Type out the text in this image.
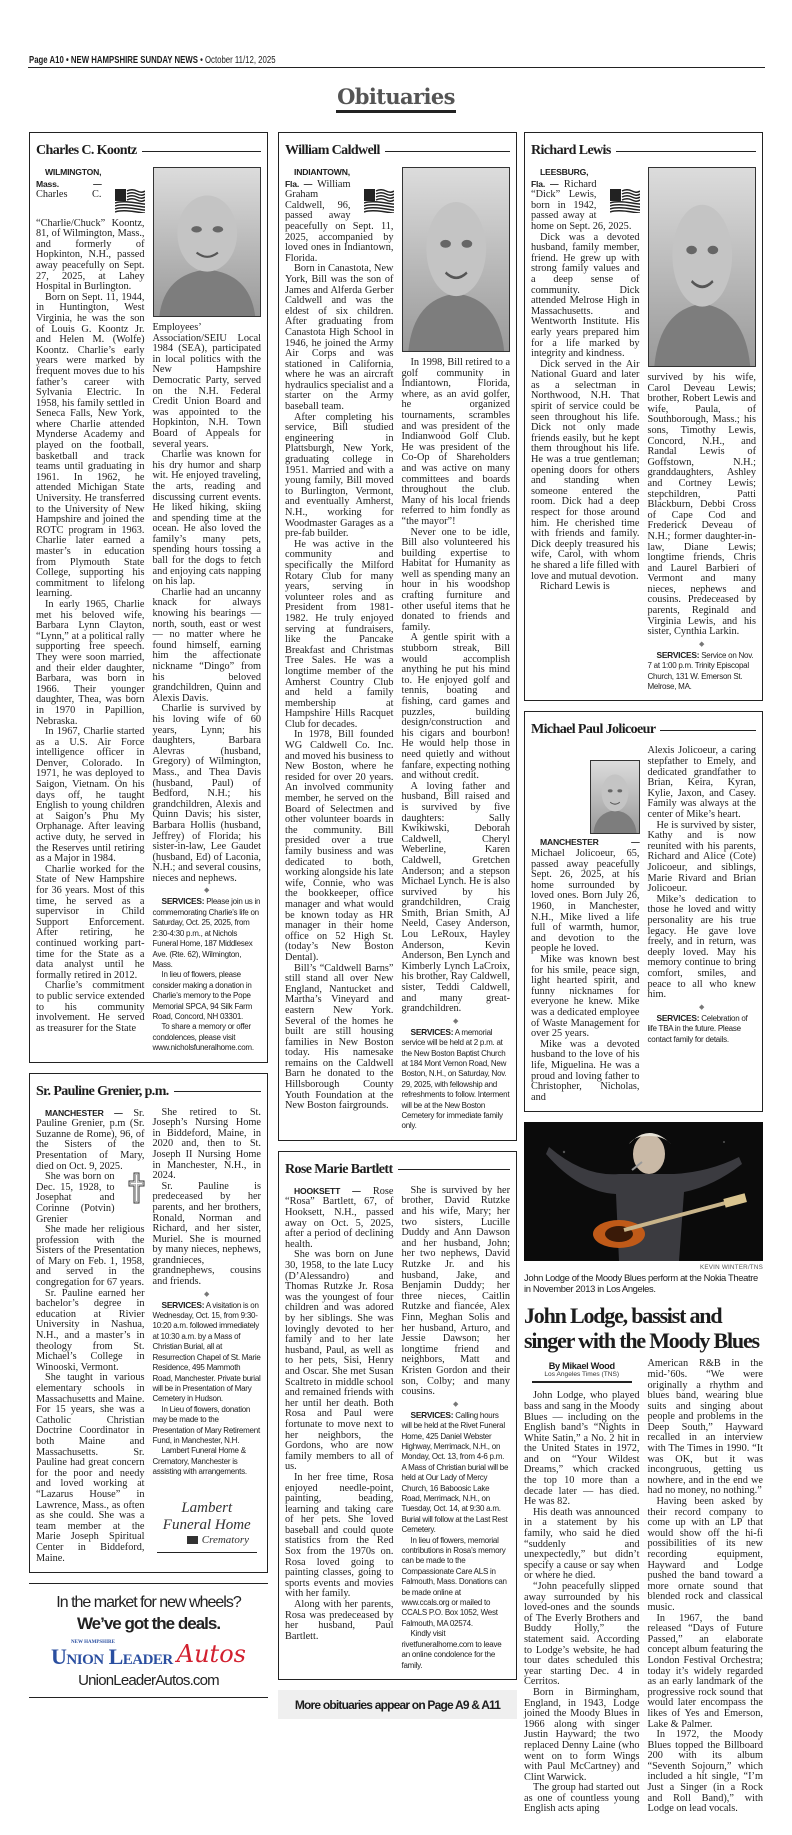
Page A10 • NEW HAMPSHIRE SUNDAY NEWS • October 11/12, 2025
Obituaries
Charles C. Koontz

WILMINGTON, Mass. — Charles C. “Charlie/Chuck” Koontz, 81, of Wilmington, Mass., and formerly of Hopkinton, N.H., passed away peacefully on Sept. 27, 2025, at Lahey Hospital in Burlington.

Born on Sept. 11, 1944, in Huntington, West Virginia, he was the son of Louis G. Koontz Jr. and Helen M. (Wolfe) Koontz. Charlie’s early years were marked by frequent moves due to his father’s career with Sylvania Electric. In 1958, his family settled in Seneca Falls, New York, where Charlie attended Mynderse Academy and played on the football, basketball and track teams until graduating in 1961. In 1962, he attended Michigan State University. He transferred to the University of New Hampshire and joined the ROTC program in 1963. Charlie later earned a master’s in education from Plymouth State College, supporting his commitment to lifelong learning.

In early 1965, Charlie met his beloved wife, Barbara Lynn Clayton, “Lynn,” at a political rally supporting free speech. They were soon married, and their elder daughter, Barbara, was born in 1966. Their younger daughter, Thea, was born in 1970 in Papillion, Nebraska.

In 1967, Charlie started as a U.S. Air Force intelligence officer in Denver, Colorado. In 1971, he was deployed to Saigon, Vietnam. On his days off, he taught English to young children at Saigon’s Phu My Orphanage. After leaving active duty, he served in the Reserves until retiring as a Major in 1984.

Charlie worked for the State of New Hampshire for 36 years. Most of this time, he served as a supervisor in Child Support Enforcement. After retiring, he continued working part-time for the State as a data analyst until he formally retired in 2012.

Charlie’s commitment to public service extended to his community involvement. He served as treasurer for the State

Employees’ Association/SEIU Local 1984 (SEA), participated in local politics with the New Hampshire Democratic Party, served on the N.H. Federal Credit Union Board and was appointed to the Hopkinton, N.H. Town Board of Appeals for several years.

Charlie was known for his dry humor and sharp wit. He enjoyed traveling, the arts, reading and discussing current events. He liked hiking, skiing and spending time at the ocean. He also loved the family’s many pets, spending hours tossing a ball for the dogs to fetch and enjoying cats napping on his lap.

Charlie had an uncanny knack for always knowing his bearings — north, south, east or west — no matter where he found himself, earning him the affectionate nickname “Dingo” from his beloved grandchildren, Quinn and Alexis Davis.

Charlie is survived by his loving wife of 60 years, Lynn; his daughters, Barbara Alevras (husband, Gregory) of Wilmington, Mass., and Thea Davis (husband, Paul) of Bedford, N.H.; his grandchildren, Alexis and Quinn Davis; his sister, Barbara Hollis (husband, Jeffrey) of Florida; his sister-in-law, Lee Gaudet (husband, Ed) of Laconia, N.H.; and several cousins, nieces and nephews.

◆

SERVICES: Please join us in commemorating Charlie’s life on Saturday, Oct. 25, 2025, from 2:30-4:30 p.m., at Nichols Funeral Home, 187 Middlesex Ave. (Rte. 62), Wilmington, Mass.

In lieu of flowers, please consider making a donation in Charlie’s memory to the Pope Memorial SPCA, 94 Silk Farm Road, Concord, NH 03301.

To share a memory or offer condolences, please visit www.nicholsfuneralhome.com.

Sr. Pauline Grenier, p.m.

MANCHESTER — Sr. Pauline Grenier, p.m (Sr. Suzanne de Rome), 96, of the Sisters of the Presentation of Mary, died on Oct. 9, 2025.

She was born on Dec. 15, 1928, to Josephat and Corinne (Potvin) Grenier

She made her religious profession with the Sisters of the Presentation of Mary on Feb. 1, 1958, and served in the congregation for 67 years.

Sr. Pauline earned her bachelor’s degree in education at Rivier University in Nashua, N.H., and a master’s in theology from St. Michael’s College in Winooski, Vermont.

She taught in various elementary schools in Massachusetts and Maine. For 15 years, she was a Catholic Christian Doctrine Coordinator in both Maine and Massachusetts. Sr. Pauline had great concern for the poor and needy and loved working at “Lazarus House” in Lawrence, Mass., as often as she could. She was a team member at the Marie Joseph Spiritual Center in Biddeford, Maine.

She retired to St. Joseph’s Nursing Home in Biddeford, Maine, in 2020 and, then to St. Joseph II Nursing Home in Manchester, N.H., in 2024.

Sr. Pauline is predeceased by her parents, and her brothers, Ronald, Norman and Richard, and her sister, Muriel. She is mourned by many nieces, nephews, grandnieces, grandnephews, cousins and friends.

◆

SERVICES: A visitation is on Wednesday, Oct. 15, from 9:30-10:20 a.m. followed immediately at 10:30 a.m. by a Mass of Christian Burial, all at Resurrection Chapel of St. Marie Residence, 495 Mammoth Road, Manchester. Private burial will be in Presentation of Mary Cemetery in Hudson.

In Lieu of flowers, donation may be made to the Presentation of Mary Retirement Fund, in Manchester, N.H.

Lambert Funeral Home & Crematory, Manchester is assisting with arrangements.

Lambert Funeral Home
Crematory
In the market for new wheels?
We’ve got the deals.
NEW HAMPSHIRE
Union Leader Autos
UnionLeaderAutos.com
William Caldwell

INDIANTOWN, Fla. — William Graham Caldwell, 96, passed away peacefully on Sept. 11, 2025, accompanied by loved ones in Indiantown, Florida.

Born in Canastota, New York, Bill was the son of James and Alferda Gerber Caldwell and was the eldest of six children. After graduating from Canastota High School in 1946, he joined the Army Air Corps and was stationed in California, where he was an aircraft hydraulics specialist and a starter on the Army baseball team.

After completing his service, Bill studied engineering in Plattsburgh, New York, graduating college in 1951. Married and with a young family, Bill moved to Burlington, Vermont, and eventually Amherst, N.H., working for Woodmaster Garages as a pre-fab builder.

He was active in the community and specifically the Milford Rotary Club for many years, serving in volunteer roles and as President from 1981-1982. He truly enjoyed serving at fundraisers, like the Pancake Breakfast and Christmas Tree Sales. He was a longtime member of the Amherst Country Club and held a family membership at Hampshire Hills Racquet Club for decades.

In 1978, Bill founded WG Caldwell Co. Inc. and moved his business to New Boston, where he resided for over 20 years. An involved community member, he served on the Board of Selectmen and other volunteer boards in the community. Bill presided over a true family business and was dedicated to both, working alongside his late wife, Connie, who was the bookkeeper, office manager and what would be known today as HR manager in their home office on 52 High St. (today’s New Boston Dental).

Bill’s “Caldwell Barns” still stand all over New England, Nantucket and Martha’s Vineyard and eastern New York. Several of the homes he built are still housing families in New Boston today. His namesake remains on the Caldwell Barn he donated to the Hillsborough County Youth Foundation at the New Boston fairgrounds.

In 1998, Bill retired to a golf community in Indiantown, Florida, where, as an avid golfer, he organized tournaments, scrambles and was president of the Indianwood Golf Club. He was president of the Co-Op of Shareholders and was active on many committees and boards throughout the club. Many of his local friends referred to him fondly as “the mayor”!

Never one to be idle, Bill also volunteered his building expertise to Habitat for Humanity as well as spending many an hour in his woodshop crafting furniture and other useful items that he donated to friends and family.

A gentle spirit with a stubborn streak, Bill would accomplish anything he put his mind to. He enjoyed golf and tennis, boating and fishing, card games and puzzles, building design/construction and his cigars and bourbon! He would help those in need quietly and without fanfare, expecting nothing and without credit.

A loving father and husband, Bill raised and is survived by five daughters: Sally Kwikiwski, Deborah Caldwell, Cheryl Weberline, Karen Caldwell, Gretchen Anderson; and a stepson Michael Lynch. He is also survived by his grandchildren, Craig Smith, Brian Smith, AJ Neeld, Casey Anderson, Lou LeRoux, Hayley Anderson, Kevin Anderson, Ben Lynch and Kimberly Lynch LaCroix, his brother, Ray Caldwell, sister, Teddi Caldwell, and many great-grandchildren.

◆

SERVICES: A memorial service will be held at 2 p.m. at the New Boston Baptist Church at 184 Mont Vernon Road, New Boston, N.H., on Saturday, Nov. 29, 2025, with fellowship and refreshments to follow. Interment will be at the New Boston Cemetery for immediate family only.

Rose Marie Bartlett

HOOKSETT — Rose “Rosa” Bartlett, 67, of Hooksett, N.H., passed away on Oct. 5, 2025, after a period of declining health.

She was born on June 30, 1958, to the late Lucy (D’Alessandro) and Thomas Rutzke Jr. Rosa was the youngest of four children and was adored by her siblings. She was lovingly devoted to her family and to her late husband, Paul, as well as to her pets, Sisi, Henry and Oscar. She met Susan Scaltreto in middle school and remained friends with her until her death. Both Rosa and Paul were fortunate to move next to her neighbors, the Gordons, who are now family members to all of us.

In her free time, Rosa enjoyed needle-point, painting, beading, learning and taking care of her pets. She loved baseball and could quote statistics from the Red Sox from the 1970s on. Rosa loved going to painting classes, going to sports events and movies with her family.

Along with her parents, Rosa was predeceased by her husband, Paul Bartlett.

She is survived by her brother, David Rutzke and his wife, Mary; her two sisters, Lucille Duddy and Ann Dawson and her husband, John; her two nephews, David Rutzke Jr. and his husband, Jake, and Benjamin Duddy; her three nieces, Caitlin Rutzke and fiancée, Alex Finn, Meghan Solis and her husband, Arturo, and Jessie Dawson; her longtime friend and neighbors, Matt and Kristen Gordon and their son, Colby; and many cousins.

◆

SERVICES: Calling hours will be held at the Rivet Funeral Home, 425 Daniel Webster Highway, Merrimack, N.H., on Monday, Oct. 13, from 4-6 p.m. A Mass of Christian burial will be held at Our Lady of Mercy Church, 16 Baboosic Lake Road, Merrimack, N.H., on Tuesday, Oct. 14, at 9:30 a.m. Burial will follow at the Last Rest Cemetery.

In lieu of flowers, memorial contributions in Rosa’s memory can be made to the Compassionate Care ALS in Falmouth, Mass. Donations can be made online at www.ccals.org or mailed to CCALS P.O. Box 1052, West Falmouth, MA 02574.

Kindly visit rivetfuneralhome.com to leave an online condolence for the family.

More obituaries appear on Page A9 & A11
Richard Lewis

LEESBURG, Fla. — Richard “Dick” Lewis, born in 1942, passed away at home on Sept. 26, 2025.

Dick was a devoted husband, family member, friend. He grew up with strong family values and a deep sense of community. Dick attended Melrose High in Massachusetts. and Wentworth Institute. His early years prepared him for a life marked by integrity and kindness.

Dick served in the Air National Guard and later as a selectman in Northwood, N.H. That spirit of service could be seen throughout his life. Dick not only made friends easily, but he kept them throughout his life. He was a true gentleman; opening doors for others and standing when someone entered the room. Dick had a deep respect for those around him. He cherished time with friends and family. Dick deeply treasured his wife, Carol, with whom he shared a life filled with love and mutual devotion.

Richard Lewis is

survived by his wife, Carol Deveau Lewis; brother, Robert Lewis and wife, Paula, of Southborough, Mass.; his sons, Timothy Lewis, Concord, N.H., and Randal Lewis of Goffstown, N.H.; granddaughters, Ashley and Cortney Lewis; stepchildren, Patti Blackburn, Debbi Cross of Cape Cod and Frederick Deveau of N.H.; former daughter-in-law, Diane Lewis; longtime friends, Chris and Laurel Barbieri of Vermont and many nieces, nephews and cousins. Predeceased by parents, Reginald and Virginia Lewis, and his sister, Cynthia Larkin.

◆

SERVICES: Service on Nov. 7 at 1:00 p.m. Trinity Episcopal Church, 131 W. Emerson St. Melrose, MA.

Michael Paul Jolicoeur

MANCHESTER — Michael Jolicoeur, 65, passed away peacefully Sept. 26, 2025, at his home surrounded by loved ones. Born July 26, 1960, in Manchester, N.H., Mike lived a life full of warmth, humor, and devotion to the people he loved.

Mike was known best for his smile, peace sign, light hearted spirit, and funny nicknames for everyone he knew. Mike was a dedicated employee of Waste Management for over 25 years.

Mike was a devoted husband to the love of his life, Miguelina. He was a proud and loving father to Christopher, Nicholas, and

Alexis Jolicoeur, a caring stepfather to Emely, and dedicated grandfather to Brian, Keira, Kyran, Kylie, Jaxon, and Casey. Family was always at the center of Mike’s heart.

He is survived by sister, Kathy and is now reunited with his parents, Richard and Alice (Cote) Jolicoeur, and siblings, Marie Rivard and Brian Jolicoeur.

Mike’s dedication to those he loved and witty personality are his true legacy. He gave love freely, and in return, was deeply loved. May his memory continue to bring comfort, smiles, and peace to all who knew him.

◆

SERVICES: Celebration of life TBA in the future. Please contact family for details.

KEVIN WINTER/TNS
John Lodge of the Moody Blues perform at the Nokia Theatre in November 2013 in Los Angeles.
John Lodge, bassist and
singer with the Moody Blues
By Mikael Wood
Los Angeles Times (TNS)

John Lodge, who played bass and sang in the Moody Blues — including on the English band’s “Nights in White Satin,” a No. 2 hit in the United States in 1972, and on “Your Wildest Dreams,” which cracked the top 10 more than a decade later — has died. He was 82.

His death was announced in a statement by his family, who said he died “suddenly and unexpectedly,” but didn’t specify a cause or say when or where he died.

“John peacefully slipped away surrounded by his loved-ones and the sounds of The Everly Brothers and Buddy Holly,” the statement said. According to Lodge’s website, he had tour dates scheduled this year starting Dec. 4 in Cerritos.

Born in Birmingham, England, in 1943, Lodge joined the Moody Blues in 1966 along with singer Justin Hayward; the two replaced Denny Laine (who went on to form Wings with Paul McCartney) and Clint Warwick.

The group had started out as one of countless young English acts aping

American R&B in the mid-’60s. “We were originally a rhythm and blues band, wearing blue suits and singing about people and problems in the Deep South,” Hayward recalled in an interview with The Times in 1990. “It was OK, but it was incongruous, getting us nowhere, and in the end we had no money, no nothing.”

Having been asked by their record company to come up with an LP that would show off the hi-fi possibilities of its new recording equipment, Hayward and Lodge pushed the band toward a more ornate sound that blended rock and classical music.

In 1967, the band released “Days of Future Passed,” an elaborate concept album featuring the London Festival Orchestra; today it’s widely regarded as an early landmark of the progressive rock sound that would later encompass the likes of Yes and Emerson, Lake & Palmer.

In 1972, the Moody Blues topped the Billboard 200 with its album “Seventh Sojourn,” which included a hit single, “I’m Just a Singer (in a Rock and Roll Band),” with Lodge on lead vocals.
